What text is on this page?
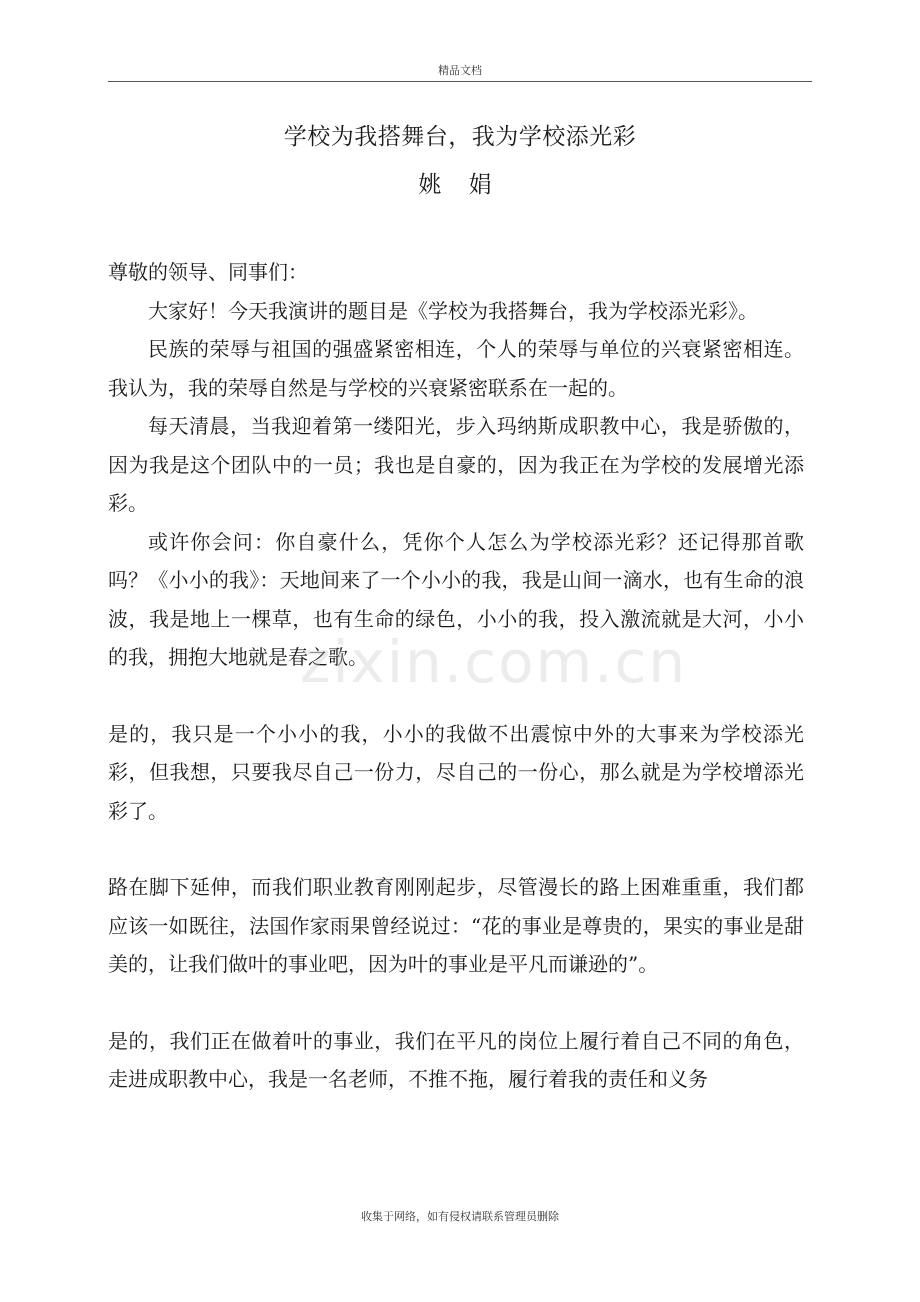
精品文档
学校为我搭舞台，我为学校添光彩
姚 娟

尊敬的领导、同事们：

大家好！今天我演讲的题目是《学校为我搭舞台，我为学校添光彩》。

民族的荣辱与祖国的强盛紧密相连，个人的荣辱与单位的兴衰紧密相连。我认为，我的荣辱自然是与学校的兴衰紧密联系在一起的。

每天清晨，当我迎着第一缕阳光，步入玛纳斯成职教中心，我是骄傲的，因为我是这个团队中的一员；我也是自豪的，因为我正在为学校的发展增光添彩。

或许你会问：你自豪什么，凭你个人怎么为学校添光彩？还记得那首歌吗？《小小的我》：天地间来了一个小小的我，我是山间一滴水，也有生命的浪波，我是地上一棵草，也有生命的绿色，小小的我，投入激流就是大河，小小的我，拥抱大地就是春之歌。

是的，我只是一个小小的我，小小的我做不出震惊中外的大事来为学校添光彩，但我想，只要我尽自己一份力，尽自己的一份心，那么就是为学校增添光彩了。

路在脚下延伸，而我们职业教育刚刚起步，尽管漫长的路上困难重重，我们都应该一如既往，法国作家雨果曾经说过：“花的事业是尊贵的，果实的事业是甜美的，让我们做叶的事业吧，因为叶的事业是平凡而谦逊的”。

是的，我们正在做着叶的事业，我们在平凡的岗位上履行着自己不同的角色，走进成职教中心，我是一名老师，不推不拖，履行着我的责任和义务

zixin.com.cn
收集于网络，如有侵权请联系管理员删除
